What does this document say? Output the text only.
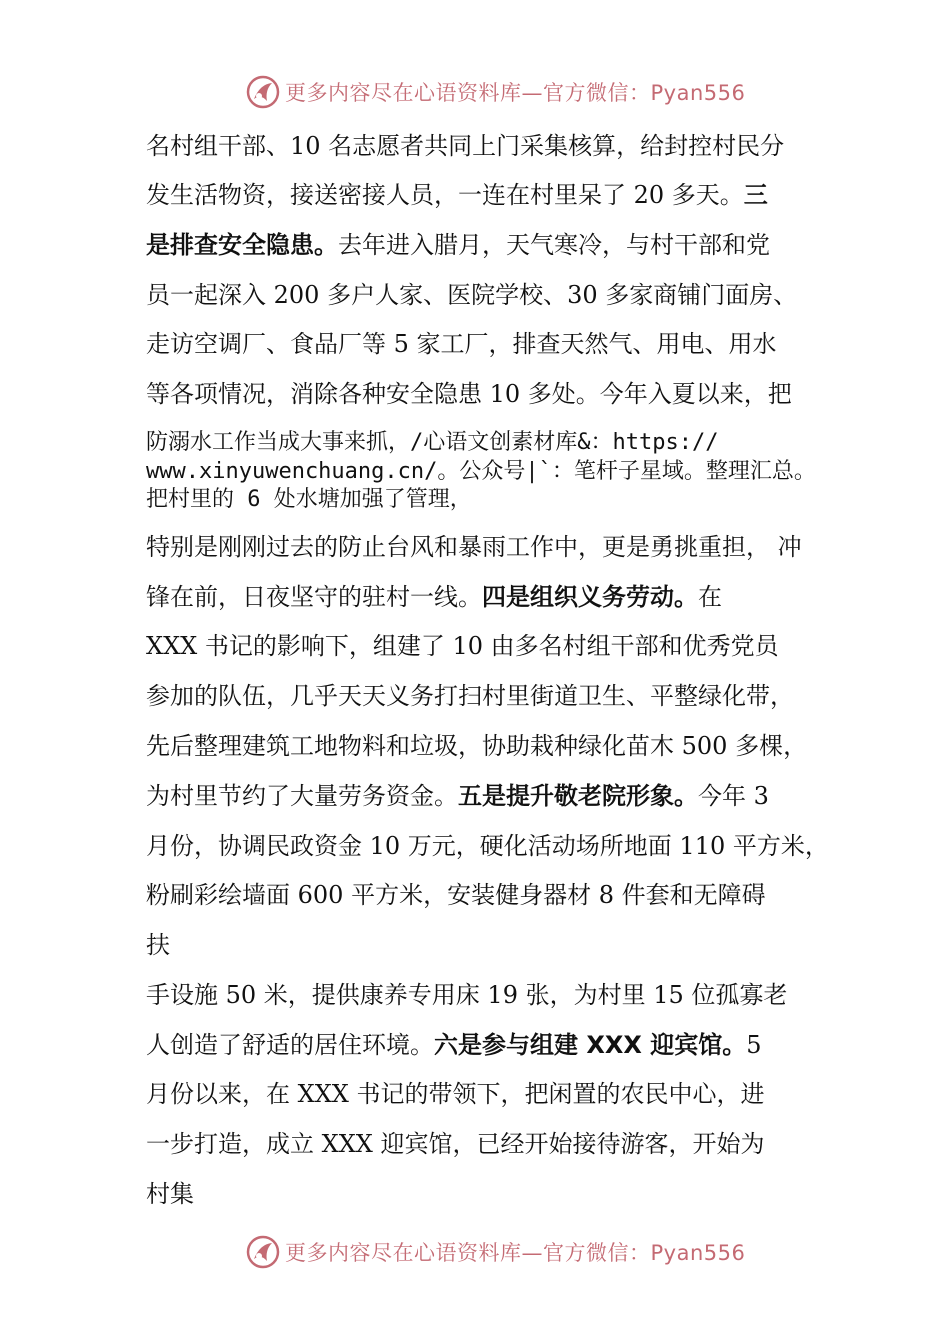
更多内容尽在心语资料库—官方微信：Pyan556
名村组干部、10 名志愿者共同上门采集核算，给封控村民分
发生活物资，接送密接人员，一连在村里呆了 20 多天。三
是排查安全隐患。去年进入腊月，天气寒冷，与村干部和党
员一起深入 200 多户人家、医院学校、30 多家商铺门面房、
走访空调厂、食品厂等 5 家工厂，排查天然气、用电、用水
等各项情况，消除各种安全隐患 10 多处。今年入夏以来，把
防溺水工作当成大事来抓，/心语文创素材库&：https://
www.xinyuwenchuang.cn/。公众号|`：笔杆子星域。整理汇总。
把村里的 6 处水塘加强了管理，
特别是刚刚过去的防止台风和暴雨工作中，更是勇挑重担， 冲
锋在前，日夜坚守的驻村一线。四是组织义务劳动。在
XXX 书记的影响下，组建了 10 由多名村组干部和优秀党员
参加的队伍，几乎天天义务打扫村里街道卫生、平整绿化带，
先后整理建筑工地物料和垃圾，协助栽种绿化苗木 500 多棵，
为村里节约了大量劳务资金。五是提升敬老院形象。今年 3
月份，协调民政资金 10 万元，硬化活动场所地面 110 平方米，
粉刷彩绘墙面 600 平方米，安装健身器材 8 件套和无障碍
扶
手设施 50 米，提供康养专用床 19 张，为村里 15 位孤寡老
人创造了舒适的居住环境。六是参与组建 XXX 迎宾馆。5
月份以来，在 XXX 书记的带领下，把闲置的农民中心，进
一步打造，成立 XXX 迎宾馆，已经开始接待游客，开始为
村集
更多内容尽在心语资料库—官方微信：Pyan556
